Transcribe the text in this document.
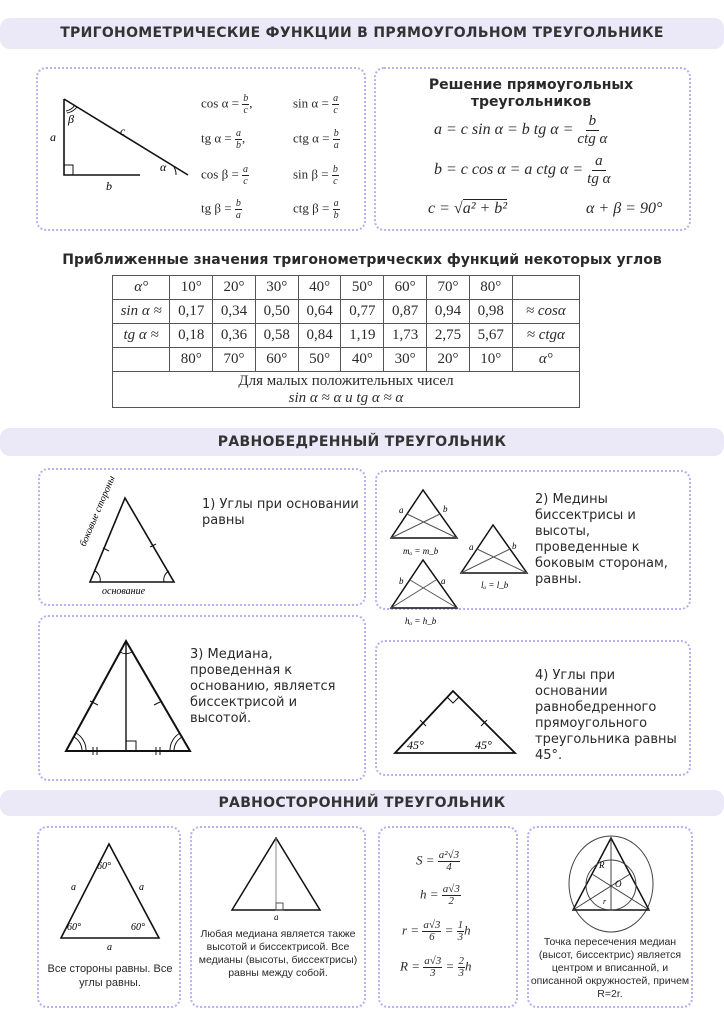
ТРИГОНОМЕТРИЧЕСКИЕ ФУНКЦИИ В ПРЯМОУГОЛЬНОМ ТРЕУГОЛЬНИКЕ
a	c
b
α
β
$\cos \alpha = \frac{b}{c}$ ,	$\sin \alpha = \frac{a}{c}$
tg $\alpha = \frac{a}{b}$ ,	ctg $\alpha = \frac{b}{a}$
$\cos \beta = \frac{a}{c}$	$\sin \beta = \frac{b}{c}$
tg $\beta = \frac{b}{a}$	ctg $\beta = \frac{a}{b}$
Решение прямоугольных треугольников
a = c sin α = b tg α =
b
ctg α
b = c cos α = a ctg $\alpha = \frac{a}{\text{tg α}}$
c = √a² + b²	α + β = 90°
Приближенные значения тригонометрических функций некоторых углов
α°	10°	20°	30°	40°	50°	60°	70°	80°	
sin α ≈	0,17	0,34	0,50	0,64	0,77	0,87	0,94	0,98	≈ cosα
tg α ≈	0,18	0,36	0,58	0,84	1,19	1,73	2,75	5,67	≈ ctgα
	80°	70°	60°	50°	40°	30°	20°	10°	α°

Для малых положительных чисел
sin α ≈ α и tg α ≈ α									
РАВНОБЕДРЕННЫЙ ТРЕУГОЛЬНИК
боковые стороны
основание
1) Углы при основании равны
a	b
mₐ = m_b
b	a
hₐ = h_b
a	b
lₐ = l_b
2) Медины биссектрисы и высоты, проведенные к боковым сторонам, равны.
3) Медиана, проведенная к основанию, является биссектрисой и высотой.
45°	45°
4) Углы при основании равнобедренного прямоугольного треугольника равны 45°.
РАВНОСТОРОННИЙ ТРЕУГОЛЬНИК
60°
60°	60°
a	a
a
Все стороны равны. Все углы равны.
a
Любая медиана является также высотой и биссектрисой. Все медианы (высоты, биссектрисы) равны между собой.
$S = \frac{\text{a²√3}}{4}$
$h = \frac{a√3}{2}$
$r = \frac{a√3}{6} = \frac{1}{3}$ h
$R = \frac{a√3}{3} = \frac{2}{3}$ h
R
O
r
Точка пересечения медиан (высот, биссектрис) является центром и вписанной, и описанной окружностей, причем R=2r.
